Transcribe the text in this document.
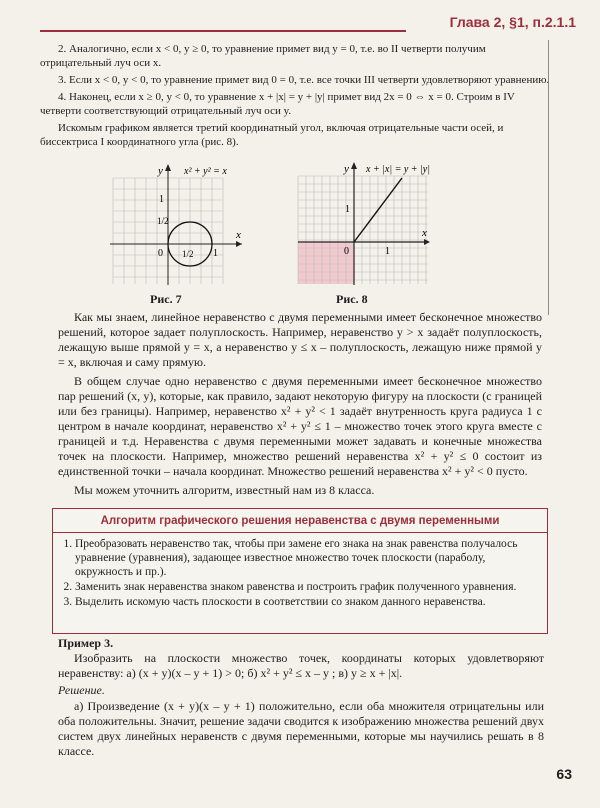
Глава 2, §1, п.2.1.1

2. Аналогично, если x < 0, y ≥ 0, то уравнение примет вид y = 0, т.е. во II четверти получим отрицательный луч оси x.

3. Если x < 0, y < 0, то уравнение примет вид 0 = 0, т.е. все точки III четверти удовлетворяют уравнению.

4. Наконец, если x ≥ 0, y < 0, то уравнение x + |x| = y + |y| примет вид 2x = 0 ⇔ x = 0. Строим в IV четверти соответствующий отрицательный луч оси y.

Искомым графиком является третий координатный угол, включая отрицательные части осей, и биссектриса I координатного угла (рис. 8).

y x² + y² = x
x
1
1/2
0 1/2 1
Рис. 7
y x + |x| = y + |y|
x
1
0	1
Рис. 8

Как мы знаем, линейное неравенство с двумя переменными имеет бесконечное множество решений, которое задает полуплоскость. Например, неравенство y > x задаёт полуплоскость, лежащую выше прямой y = x, а неравенство y ≤ x – полуплоскость, лежащую ниже прямой y = x, включая и саму прямую.

В общем случае одно неравенство с двумя переменными имеет бесконечное множество пар решений (x, y), которые, как правило, задают некоторую фигуру на плоскости (с границей или без границы). Например, неравенство x² + y² < 1 задаёт внутренность круга радиуса 1 с центром в начале координат, неравенство x² + y² ≤ 1 – множество точек этого круга вместе с границей и т.д. Неравенства с двумя переменными может задавать и конечные множества точек на плоскости. Например, множество решений неравенства x² + y² ≤ 0 состоит из единственной точки – начала координат. Множество решений неравенства x² + y² < 0 пусто.

Мы можем уточнить алгоритм, известный нам из 8 класса.

Алгоритм графического решения неравенства с двумя переменными
1. Преобразовать неравенство так, чтобы при замене его знака на знак равенства получалось уравнение (уравнения), задающее известное множество точек плоскости (параболу, окружность и пр.).
2. Заменить знак неравенства знаком равенства и построить график полученного уравнения.
3. Выделить искомую часть плоскости в соответствии со знаком данного неравенства.
Пример 3.

Изобразить на плоскости множество точек, координаты которых удовлетворяют неравенству: а) (x + y)(x – y + 1) > 0; б) x² + y² ≤ x – y ; в) y ≥ x + |x|.

Решение.

а) Произведение (x + y)(x – y + 1) положительно, если оба множителя отрицательны или оба положительны. Значит, решение задачи сводится к изображению множества решений двух систем двух линейных неравенств с двумя переменными, которые мы научились решать в 8 классе.

63
